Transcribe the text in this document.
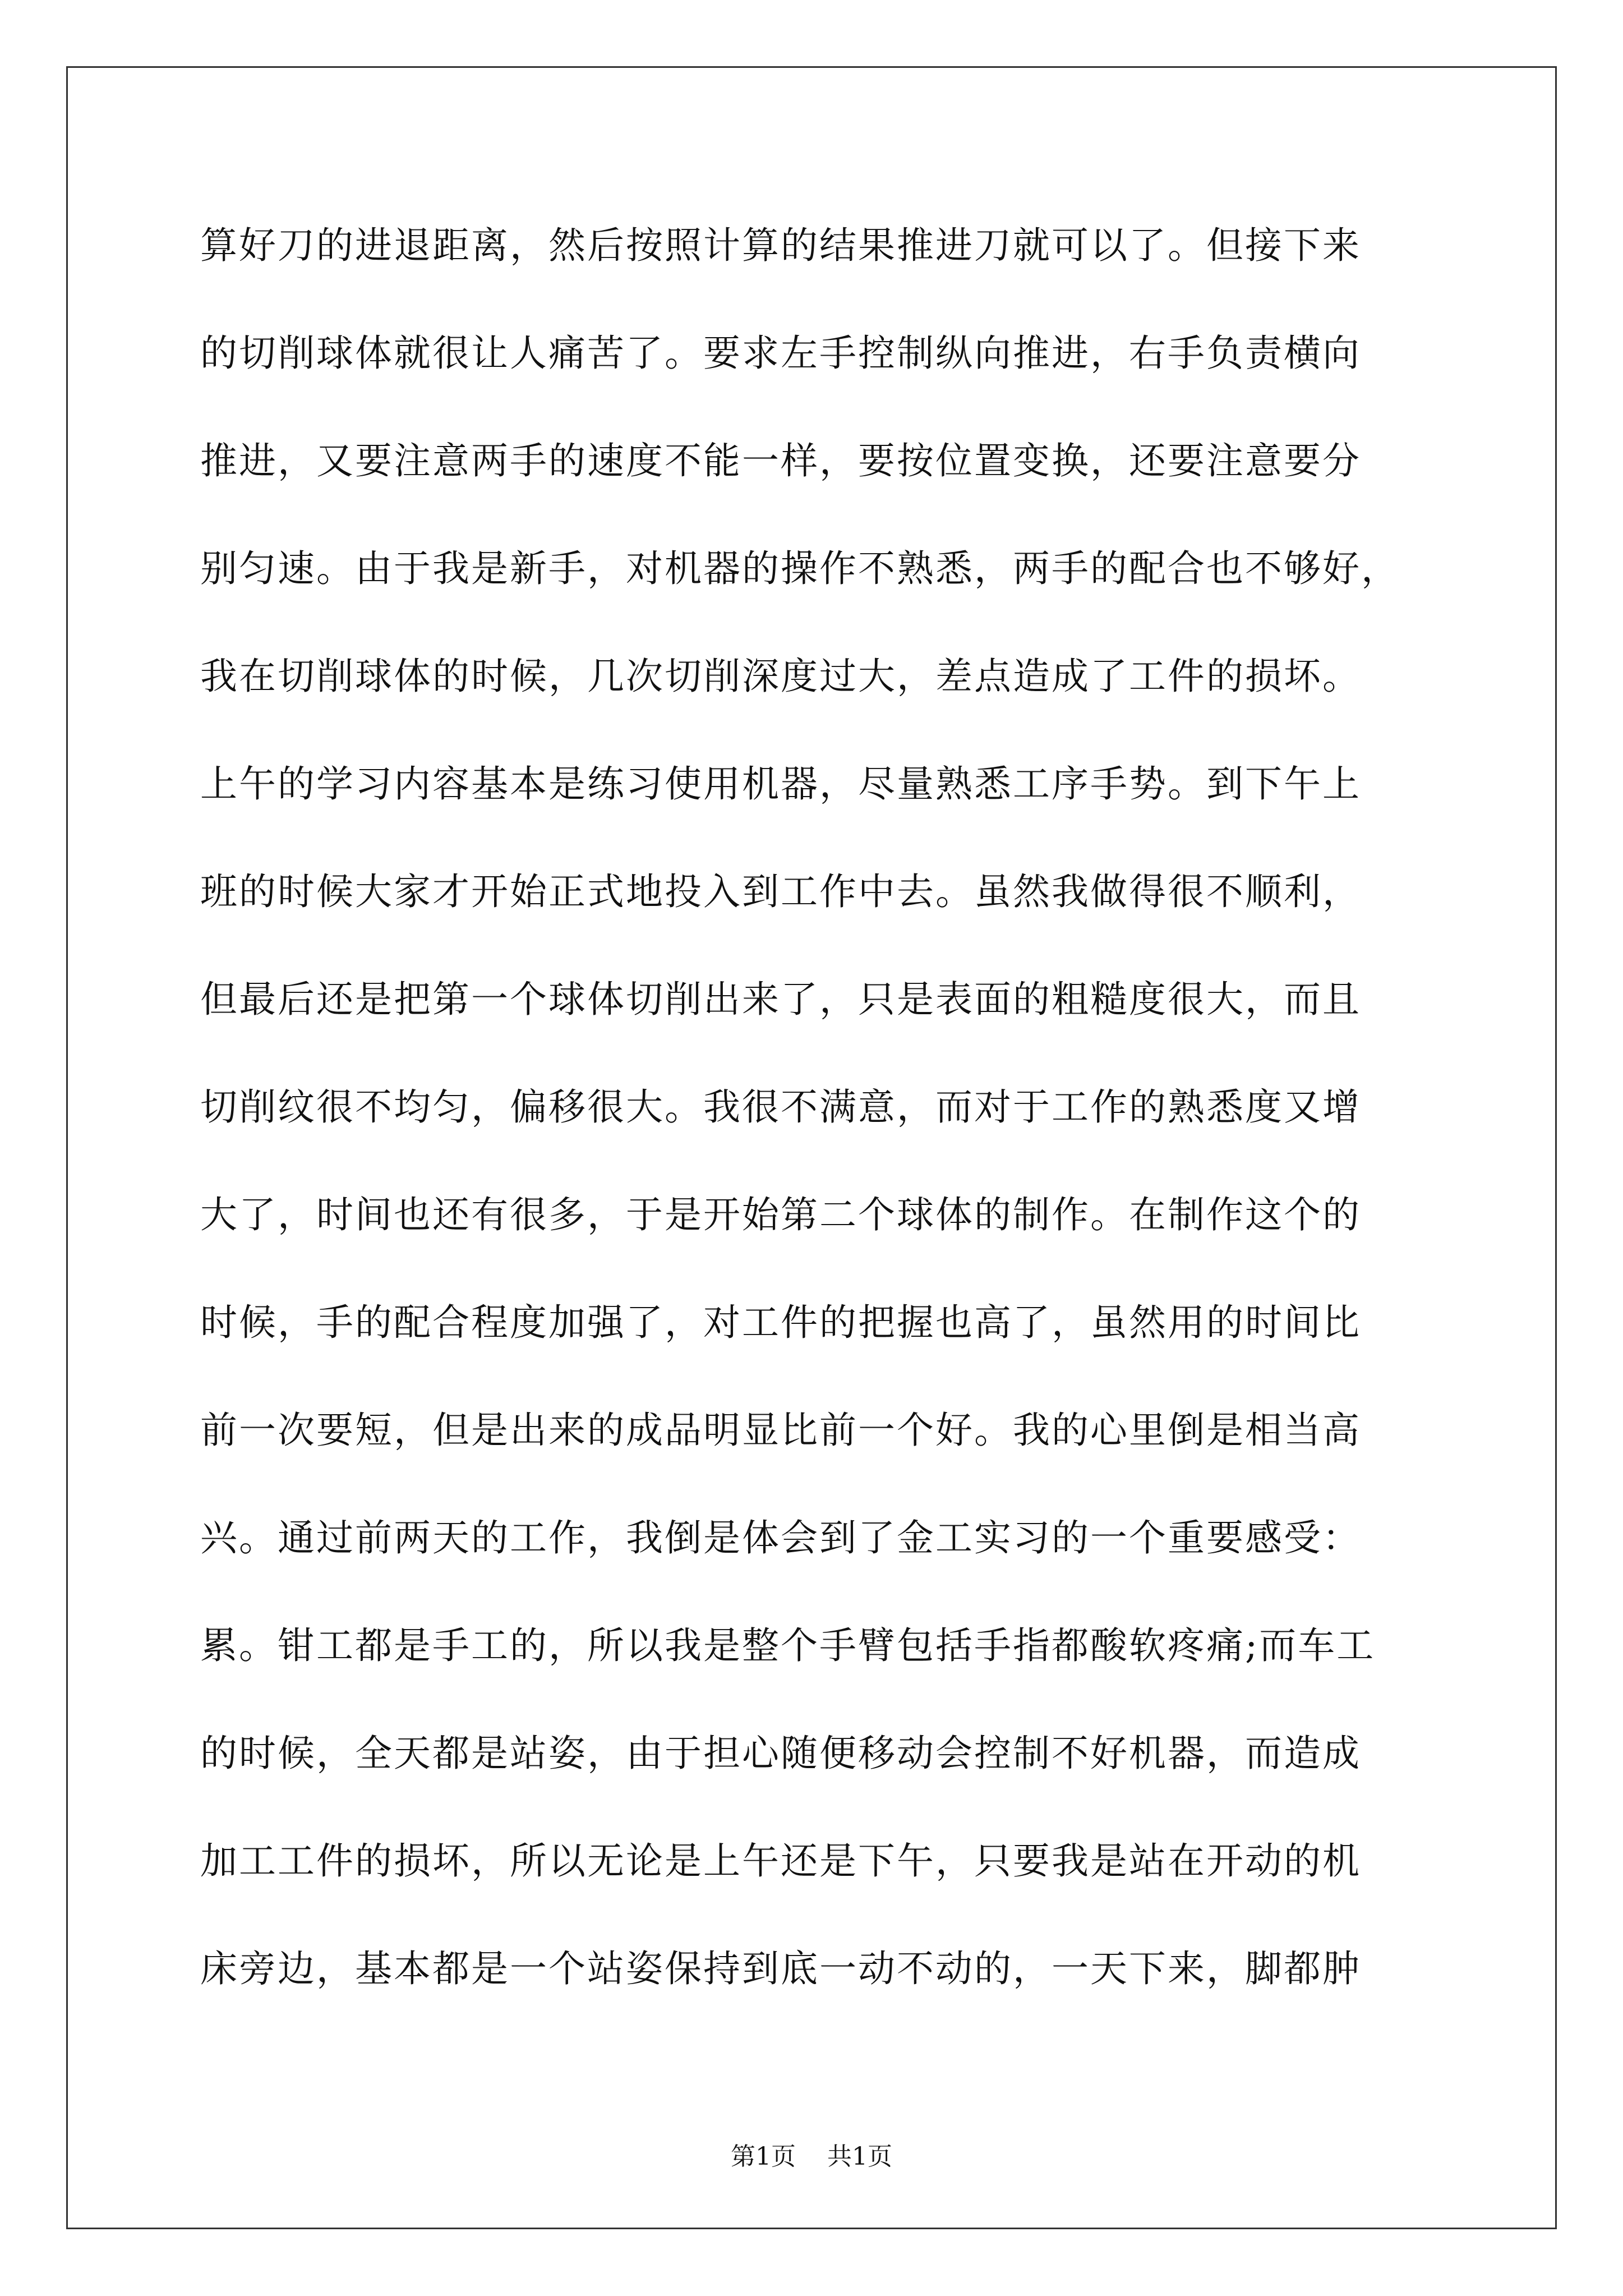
算好刀的进退距离，然后按照计算的结果推进刀就可以了。但接下来
的切削球体就很让人痛苦了。要求左手控制纵向推进，右手负责横向
推进，又要注意两手的速度不能一样，要按位置变换，还要注意要分
别匀速。由于我是新手，对机器的操作不熟悉，两手的配合也不够好，
我在切削球体的时候，几次切削深度过大，差点造成了工件的损坏。
上午的学习内容基本是练习使用机器，尽量熟悉工序手势。到下午上
班的时候大家才开始正式地投入到工作中去。虽然我做得很不顺利，
但最后还是把第一个球体切削出来了，只是表面的粗糙度很大，而且
切削纹很不均匀，偏移很大。我很不满意，而对于工作的熟悉度又增
大了，时间也还有很多，于是开始第二个球体的制作。在制作这个的
时候，手的配合程度加强了，对工件的把握也高了，虽然用的时间比
前一次要短，但是出来的成品明显比前一个好。我的心里倒是相当高
兴。通过前两天的工作，我倒是体会到了金工实习的一个重要感受：
累。钳工都是手工的，所以我是整个手臂包括手指都酸软疼痛;而车工
的时候，全天都是站姿，由于担心随便移动会控制不好机器，而造成
加工工件的损坏，所以无论是上午还是下午，只要我是站在开动的机
床旁边，基本都是一个站姿保持到底一动不动的，一天下来，脚都肿
第1页 共1页
